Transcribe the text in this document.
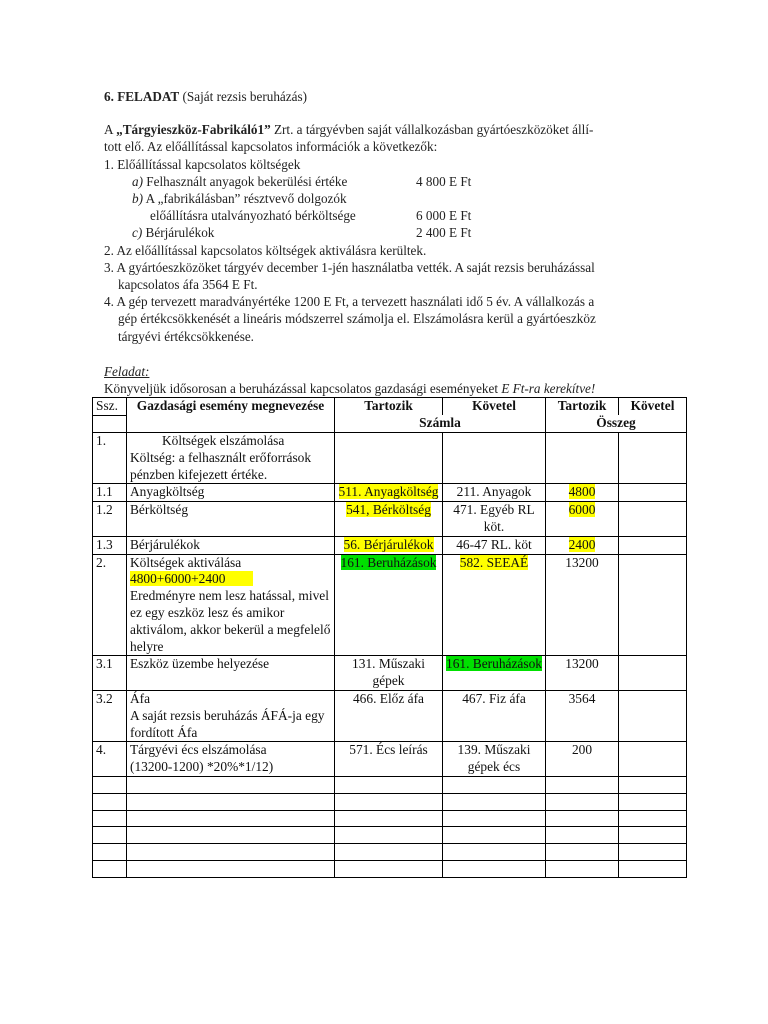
6. FELADAT (Saját rezsis beruházás)

A „Tárgyieszköz-Fabrikáló1” Zrt. a tárgyévben saját vállalkozásban gyártóeszközöket állí-

tott elő. Az előállítással kapcsolatos információk a következők:

1. Előállítással kapcsolatos költségek

a) Felhasznált anyagok bekerülési értéke	4 800 E Ft
b) A „fabrikálásban” résztvevő dolgozók
előállításra utalványozható bérköltsége	6 000 E Ft
c) Bérjárulékok	2 400 E Ft

2. Az előállítással kapcsolatos költségek aktiválásra kerültek.

3. A gyártóeszközöket tárgyév december 1-jén használatba vették. A saját rezsis beruházással

kapcsolatos áfa 3564 E Ft.

4. A gép tervezett maradványértéke 1200 E Ft, a tervezett használati idő 5 év. A vállalkozás a

gép értékcsökkenését a lineáris módszerrel számolja el. Elszámolásra kerül a gyártóeszköz

tárgyévi értékcsökkenése.

Feladat:

Könyveljük idősorosan a beruházással kapcsolatos gazdasági eseményeket E Ft-ra kerekítve!

Ssz.	Gazdasági esemény megnevezése	Tartozik	Követel	Tartozik	Követel
		Számla		Összeg	
1.	Költségek elszámolása
Költség: a felhasznált erőforrások pénzben kifejezett értéke.				
1.1	Anyagköltség	511. Anyagköltség	211. Anyagok	4800	
1.2	Bérköltség	541, Bérköltség	471. Egyéb RL köt.	6000	
1.3	Bérjárulékok	56. Bérjárulékok	46-47 RL. köt	2400	
2.	Költségek aktiválása
4800+6000+2400
Eredményre nem lesz hatással, mivel ez egy eszköz lesz és amikor aktiválom, akkor bekerül a megfelelő helyre	161. Beruházások	582. SEEAÉ	13200	
3.1	Eszköz üzembe helyezése	131. Műszaki gépek	161. Beruházások	13200	
3.2	Áfa
A saját rezsis beruházás ÁFÁ-ja egy fordított Áfa	466. Előz áfa	467. Fiz áfa	3564	
4.	Tárgyévi écs elszámolása
(13200-1200) *20%*1/12)	571. Écs leírás	139. Műszaki gépek écs	200	
